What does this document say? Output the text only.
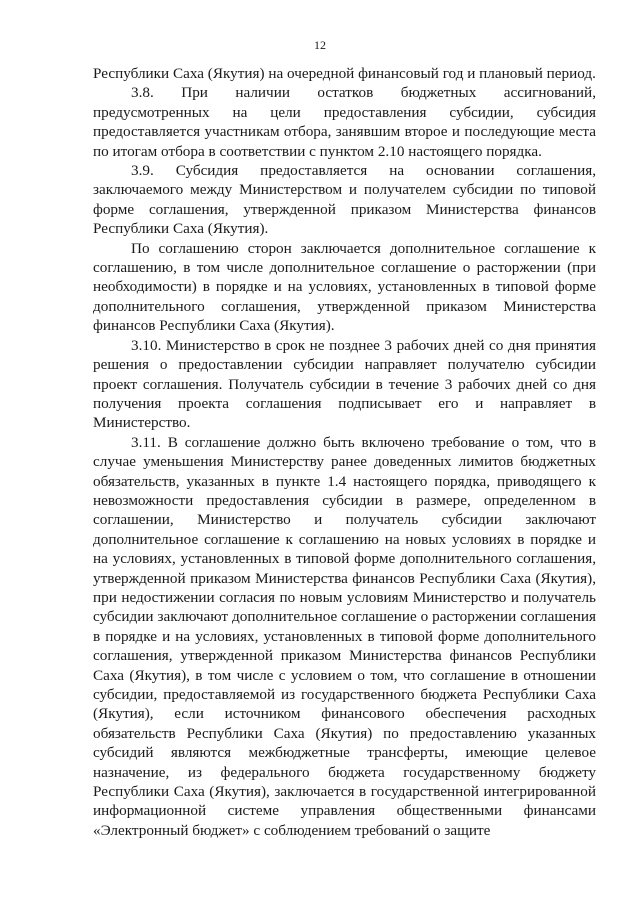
12

Республики Саха (Якутия) на очередной финансовый год и плановый период.

3.8. При наличии остатков бюджетных ассигнований, предусмотренных на цели предоставления субсидии, субсидия предоставляется участникам отбора, занявшим второе и последующие места по итогам отбора в соответствии с пунктом 2.10 настоящего порядка.

3.9. Субсидия предоставляется на основании соглашения, заключаемого между Министерством и получателем субсидии по типовой форме соглашения, утвержденной приказом Министерства финансов Республики Саха (Якутия).

По соглашению сторон заключается дополнительное соглашение к соглашению, в том числе дополнительное соглашение о расторжении (при необходимости) в порядке и на условиях, установленных в типовой форме дополнительного соглашения, утвержденной приказом Министерства финансов Республики Саха (Якутия).

3.10. Министерство в срок не позднее 3 рабочих дней со дня принятия решения о предоставлении субсидии направляет получателю субсидии проект соглашения. Получатель субсидии в течение 3 рабочих дней со дня получения проекта соглашения подписывает его и направляет в Министерство.

3.11. В соглашение должно быть включено требование о том, что в случае уменьшения Министерству ранее доведенных лимитов бюджетных обязательств, указанных в пункте 1.4 настоящего порядка, приводящего к невозможности предоставления субсидии в размере, определенном в соглашении, Министерство и получатель субсидии заключают дополнительное соглашение к соглашению на новых условиях в порядке и на условиях, установленных в типовой форме дополнительного соглашения, утвержденной приказом Министерства финансов Республики Саха (Якутия), при недостижении согласия по новым условиям Министерство и получатель субсидии заключают дополнительное соглашение о расторжении соглашения в порядке и на условиях, установленных в типовой форме дополнительного соглашения, утвержденной приказом Министерства финансов Республики Саха (Якутия), в том числе с условием о том, что соглашение в отношении субсидии, предоставляемой из государственного бюджета Республики Саха (Якутия), если источником финансового обеспечения расходных обязательств Республики Саха (Якутия) по предоставлению указанных субсидий являются межбюджетные трансферты, имеющие целевое назначение, из федерального бюджета государственному бюджету Республики Саха (Якутия), заключается в государственной интегрированной информационной системе управления общественными финансами «Электронный бюджет» с соблюдением требований о защите
